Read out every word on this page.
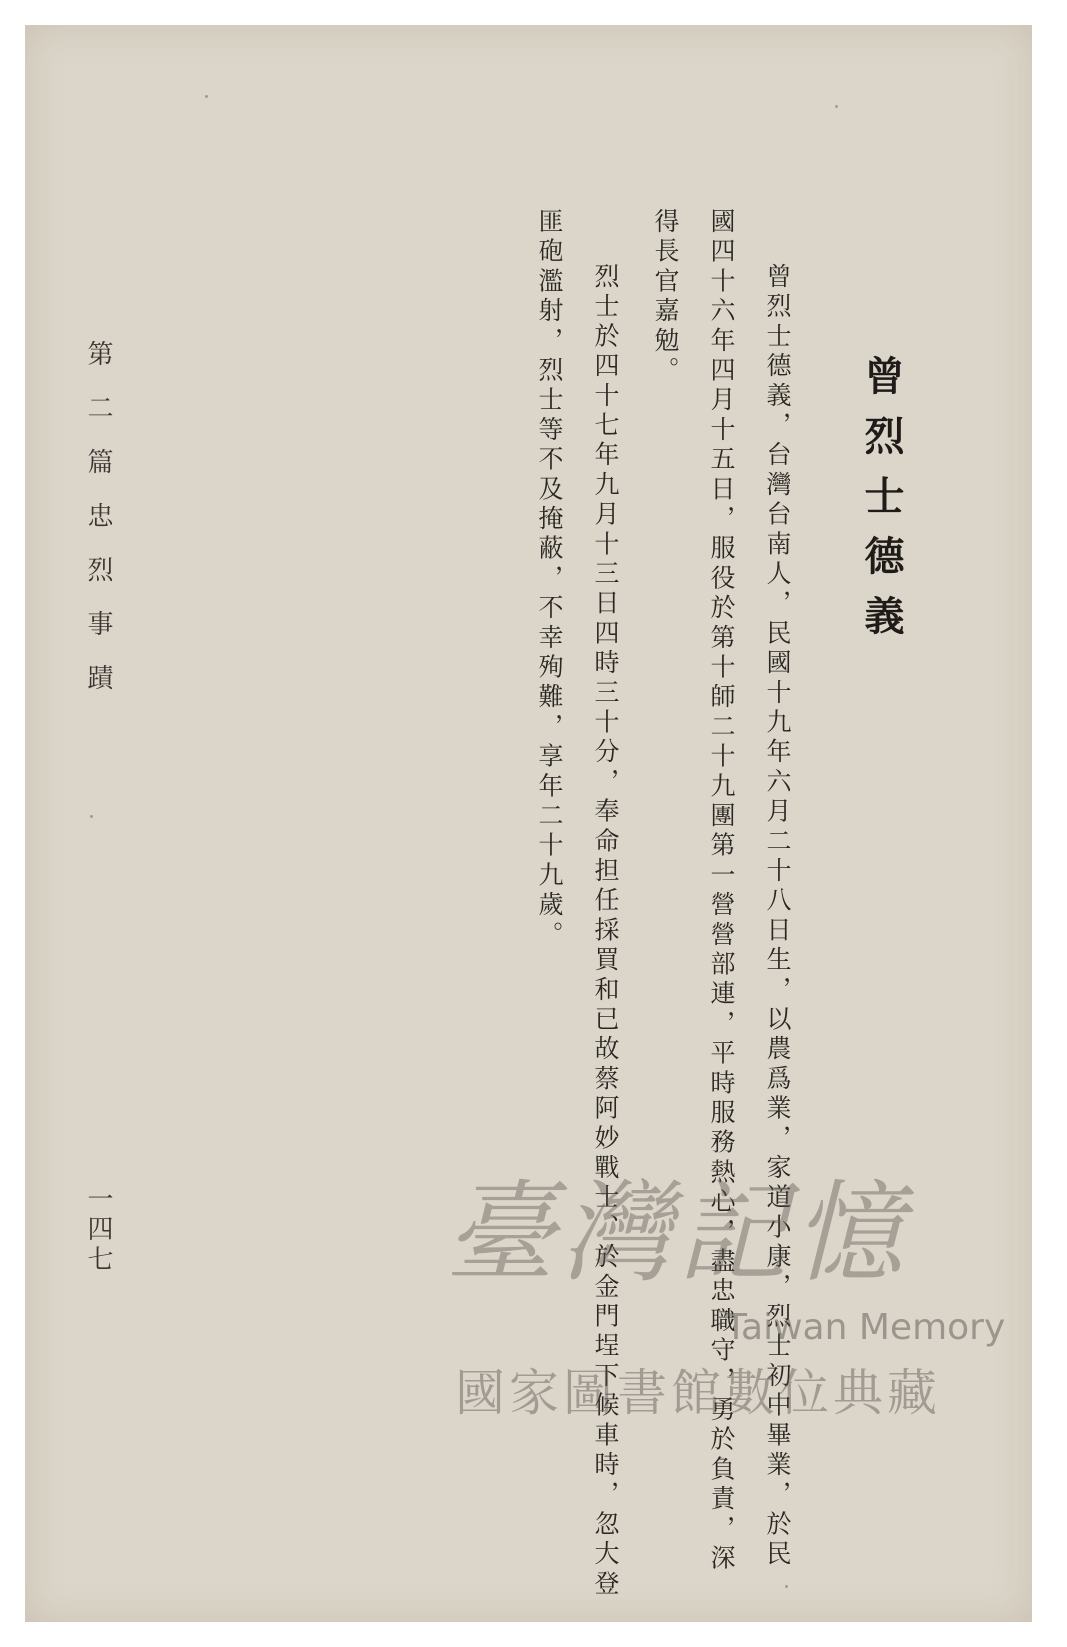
曾烈士德義
曾烈士德義，台灣台南人，民國十九年六月二十八日生，以農爲業，家道小康，烈士初中畢業，於民
國四十六年四月十五日，服役於第十師二十九團第一營營部連，平時服務熱心，盡忠職守，勇於負責，深
得長官嘉勉。
烈士於四十七年九月十三日四時三十分，奉命担任採買和已故蔡阿妙戰士、於金門埕下候車時，忽大登
匪砲濫射，烈士等不及掩蔽，不幸殉難，享年二十九歲。
第二篇忠烈事蹟
一四七	臺灣記憶
Taiwan Memory
國家圖書館數位典藏
